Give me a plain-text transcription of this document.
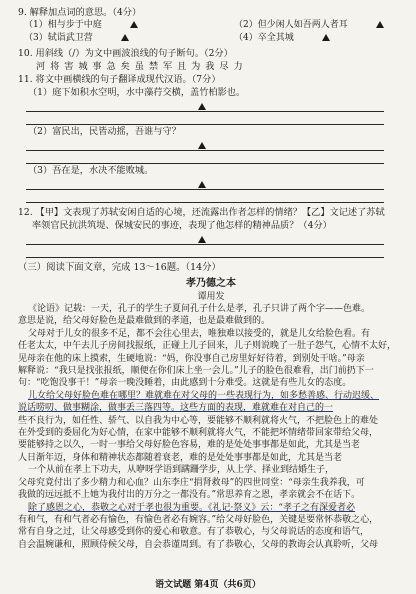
9. 解释加点词的意思。（4分）
（1）相与步于中庭	（2）但少闲人如吾两人者耳
（3）轼诣武卫营	（4）卒全其城
10. 用斜线（/）为文中画波浪线的句子断句。（2分）
河 将 害 城 事 急 矣 虽 禁 军 且 为 我 尽 力
11. 将文中画横线的句子翻译成现代汉语。（7分）
（1）庭下如积水空明，水中藻荇交横，盖竹柏影也。
（2）富民出，民皆动摇，吾谁与守？
（3）吾在是，水决不能败城。
12. 【甲】文表现了苏轼安闲自适的心境，还流露出作者怎样的情绪？【乙】文记述了苏轼
率领官民抗洪筑堤、保城安民的事迹，表现了他怎样的精神品质？（4分）
（三）阅读下面文章，完成 13～16题。（14分）
孝乃德之本
谭用发
《论语》记载：一天，孔子的学生子夏问孔子什么是孝，孔子只讲了两个字——色难。
意思是说，给父母好脸色是最难做到的孝道，也是最难做到的。
父母对于儿女的很多不足，都不会往心里去，唯独难以接受的，就是儿女给脸色看。有
任老太太，中午去儿子房间找报纸，正碰上儿子回来，儿子则说晚了一肚子怨气，心情不太好，
见母亲在他的床上摸索，生硬地说：“妈，你没事自己房里好好待着，到别处干啥。”母亲
解释说：“我只是找张报纸，顺便在你们床上坐一会儿。”儿子的脸色很难看，出门前扔下一
句：“吃饱没事干！”母亲一晚没睡着，由此感到十分难受。这就是有些儿女的态度。
儿女给父母好脸色难在哪里？难就难在对父母的一些表现行为，如多愁善感、行动迟缓、
说话唠叨、做事糊涂，做事丢三落四等。这些方面的表现，难就难在对自己的一
些不良行为，如任性、骄气、以自我为中心等，要能够不顺利就将火气，不把脸色上的难处
在外受到的委屈化为好心情，在家中能够不顺利就将火气，不能把坏情绪带回家带给父母，
要能够持之以久，一时一事给父母好脸色容易，难的是处处事事都是如此，尤其是当老
人日渐年迈，身体和精神状态都随着衰老，难的是处处事事都是如此，尤其是当老
一个从前在孝上下功夫，从咿呀学语到蹒跚学步，从上学、择业到结婚生子，
父母究竟付出了多少精力和心血？山东李庄“捐肾救母”的四世同堂：“母亲生我养我，可
我做的远远抵不上她为我付出的万分之一都没有。”常思养育之恩，孝亲就会不在话下。
除了感恩之心，恭敬之心对于孝也很为重要。《礼记·祭义》云：“孝子之有深爱者必
有和气，有和气者必有愉色，有愉色者必有婉容。”给父母好脸色，关键是要常怀恭敬之心，
常有自身之过，让父母感受到你的爱心和敬意。有了恭敬心，与父母说话的态度和语气，
自会温婉谦和，照顾侍候父母，自会恭谨周到。有了恭敬心，父母的教诲会认真聆听，父母
语文试题 第4页（共6页）
